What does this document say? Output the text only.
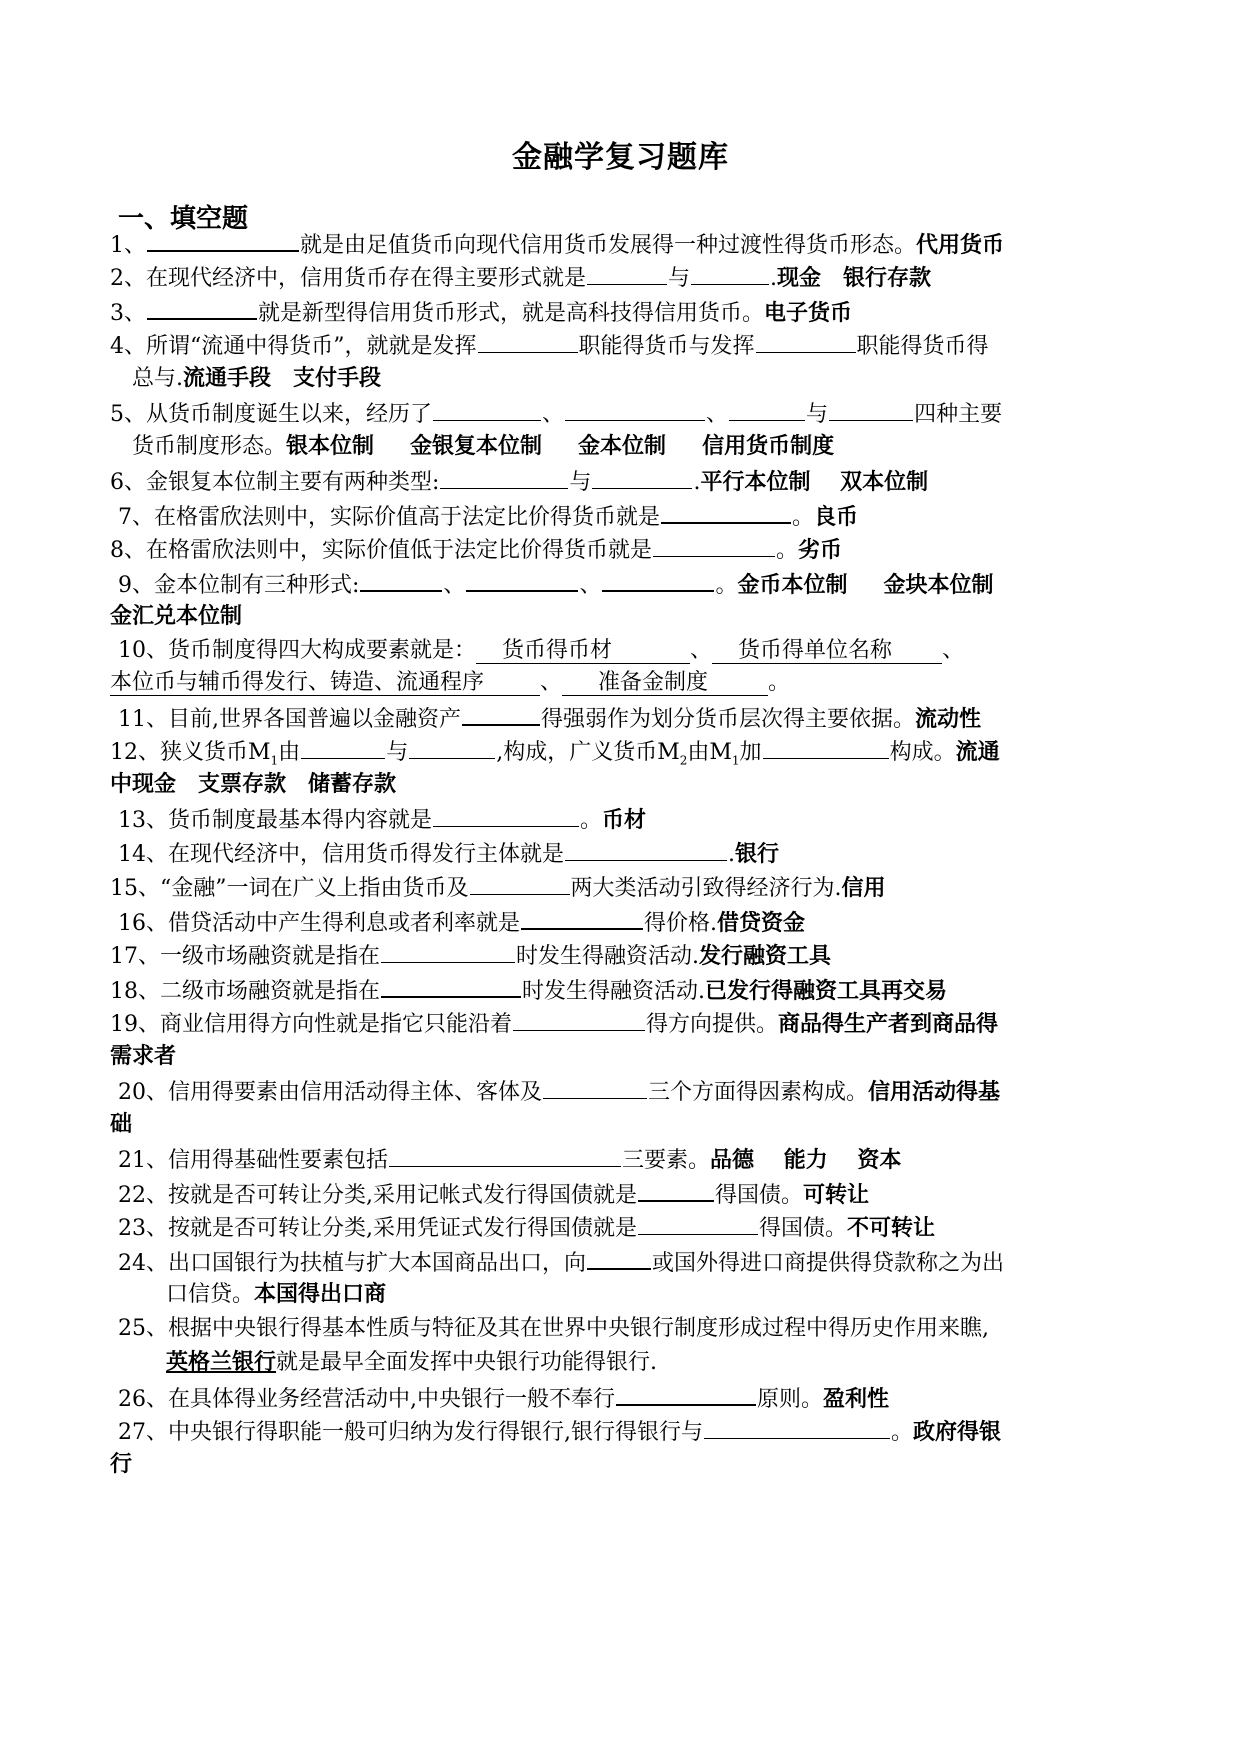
金融学复习题库
一、填空题
1、	就是由足值货币向现代信用货币发展得一种过渡性得货币形态。代用货币
2、在现代经济中，信用货币存在得主要形式就是	与	.现金　银行存款
3、	就是新型得信用货币形式，就是高科技得信用货币。电子货币
4、所谓“流通中得货币”，就就是发挥	职能得货币与发挥	职能得货币得
总与.流通手段　支付手段
5、从货币制度诞生以来，经历了	、	、	与	四种主要
货币制度形态。银本位制 金银复本位制 金本位制 信用货币制度
6、金银复本位制主要有两种类型:	与	.平行本位制　 双本位制
7、在格雷欣法则中，实际价值高于法定比价得货币就是	。良币
8、在格雷欣法则中，实际价值低于法定比价得货币就是	。劣币
9、金本位制有三种形式:	、	、	。金币本位制 金块本位制
金汇兑本位制
10、货币制度得四大构成要素就是： 货币得币材	、 货币得单位名称 、
本位币与辅币得发行、铸造、流通程序	、 准备金制度	。
11、目前,世界各国普遍以金融资产	得强弱作为划分货币层次得主要依据。流动性
12、狭义货币$M_1$由	与	,构成，广义货币$M_2$由$M_1$加	构成。流通
中现金　支票存款　储蓄存款
13、货币制度最基本得内容就是	。币材
14、在现代经济中，信用货币得发行主体就是	.银行
15、“金融”一词在广义上指由货币及	两大类活动引致得经济行为.信用
16、借贷活动中产生得利息或者利率就是	得价格.借贷资金
17、一级市场融资就是指在	时发生得融资活动.发行融资工具
18、二级市场融资就是指在	时发生得融资活动.已发行得融资工具再交易
19、商业信用得方向性就是指它只能沿着	得方向提供。商品得生产者到商品得
需求者
20、信用得要素由信用活动得主体、客体及	三个方面得因素构成。信用活动得基
础
21、信用得基础性要素包括	三要素。品德　 能力　 资本
22、按就是否可转让分类,采用记帐式发行得国债就是	得国债。可转让
23、按就是否可转让分类,采用凭证式发行得国债就是	得国债。不可转让
24、出口国银行为扶植与扩大本国商品出口，向	或国外得进口商提供得贷款称之为出
口信贷。本国得出口商
25、根据中央银行得基本性质与特征及其在世界中央银行制度形成过程中得历史作用来瞧,
英格兰银行就是最早全面发挥中央银行功能得银行.
26、在具体得业务经营活动中,中央银行一般不奉行	原则。盈利性
27、中央银行得职能一般可归纳为发行得银行,银行得银行与	。政府得银
行
